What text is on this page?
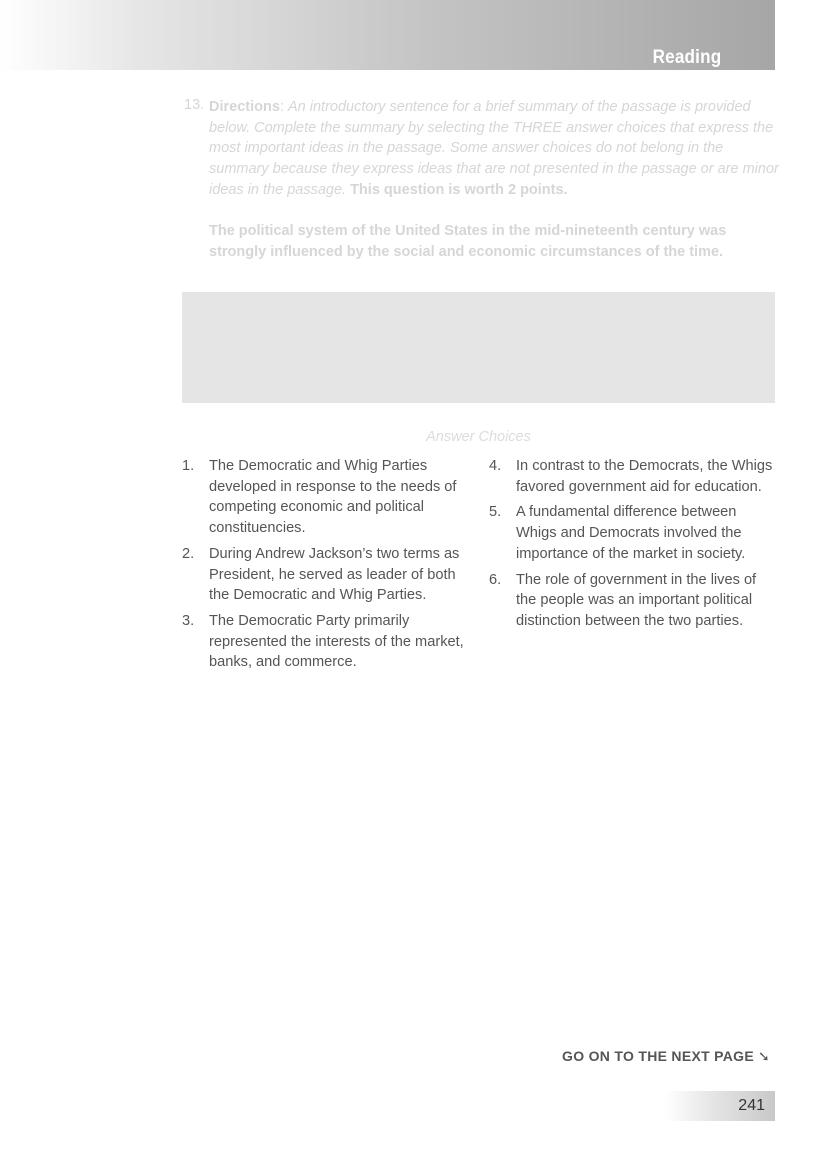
Reading
13. Directions: An introductory sentence for a brief summary of the passage is provided below. Complete the summary by selecting the THREE answer choices that express the most important ideas in the passage. Some answer choices do not belong in the summary because they express ideas that are not presented in the passage or are minor ideas in the passage. This question is worth 2 points.
The political system of the United States in the mid-nineteenth century was strongly influenced by the social and economic circumstances of the time.
Answer Choices
1. The Democratic and Whig Parties developed in response to the needs of competing economic and political constituencies.
2. During Andrew Jackson’s two terms as President, he served as leader of both the Democratic and Whig Parties.
3. The Democratic Party primarily represented the interests of the market, banks, and commerce.
4. In contrast to the Democrats, the Whigs favored government aid for education.
5. A fundamental difference between Whigs and Democrats involved the importance of the market in society.
6. The role of government in the lives of the people was an important political distinction between the two parties.
GO ON TO THE NEXT PAGE ➘
241
